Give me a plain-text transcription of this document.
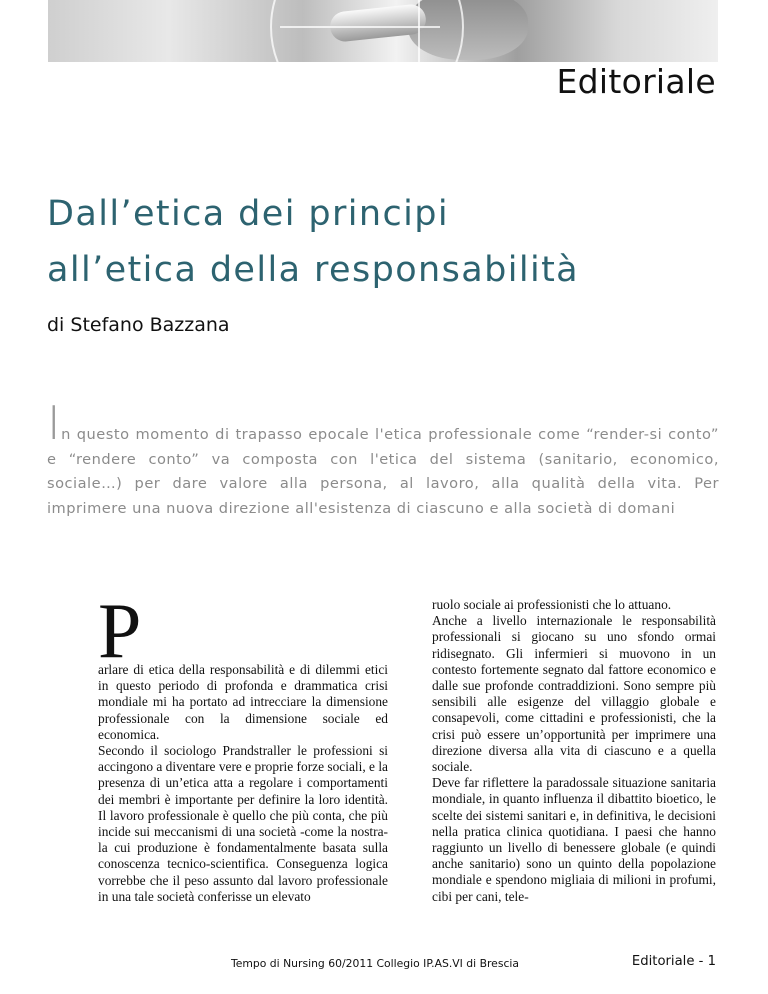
Editoriale
Dall’etica dei principi
all’etica della responsabilità
di Stefano Bazzana
In questo momento di trapasso epocale l'etica professionale come “render-si conto” e “rendere conto” va composta con l'etica del sistema (sanitario, economico, sociale…) per dare valore alla persona, al lavoro, alla qualità della vita. Per imprimere una nuova direzione all'esistenza di ciascuno e alla società di domani
P

arlare di etica della responsabilità e di dilemmi etici in questo periodo di profonda e drammatica crisi mondiale mi ha portato ad intrecciare la dimensione professionale con la dimensione sociale ed economica.

Secondo il sociologo Prandstraller le professioni si accingono a diventare vere e proprie forze sociali, e la presenza di un’etica atta a regolare i comportamenti dei membri è importante per definire la loro identità. Il lavoro professionale è quello che più conta, che più incide sui meccanismi di una società -come la nostra- la cui produzione è fondamentalmente basata sulla conoscenza tecnico-scientifica. Conseguenza logica vorrebbe che il peso assunto dal lavoro professionale in una tale società conferisse un elevato

ruolo sociale ai professionisti che lo attuano.

Anche a livello internazionale le responsabilità professionali si giocano su uno sfondo ormai ridisegnato. Gli infermieri si muovono in un contesto fortemente segnato dal fattore economico e dalle sue profonde contraddizioni. Sono sempre più sensibili alle esigenze del villaggio globale e consapevoli, come cittadini e professionisti, che la crisi può essere un’opportunità per imprimere una direzione diversa alla vita di ciascuno e a quella sociale.

Deve far riflettere la paradossale situazione sanitaria mondiale, in quanto influenza il dibattito bioetico, le scelte dei sistemi sanitari e, in definitiva, le decisioni nella pratica clinica quotidiana. I paesi che hanno raggiunto un livello di benessere globale (e quindi anche sanitario) sono un quinto della popolazione mondiale e spendono migliaia di milioni in profumi, cibi per cani, tele-

Tempo di Nursing 60/2011 Collegio IP.AS.VI di Brescia	Editoriale - 1
